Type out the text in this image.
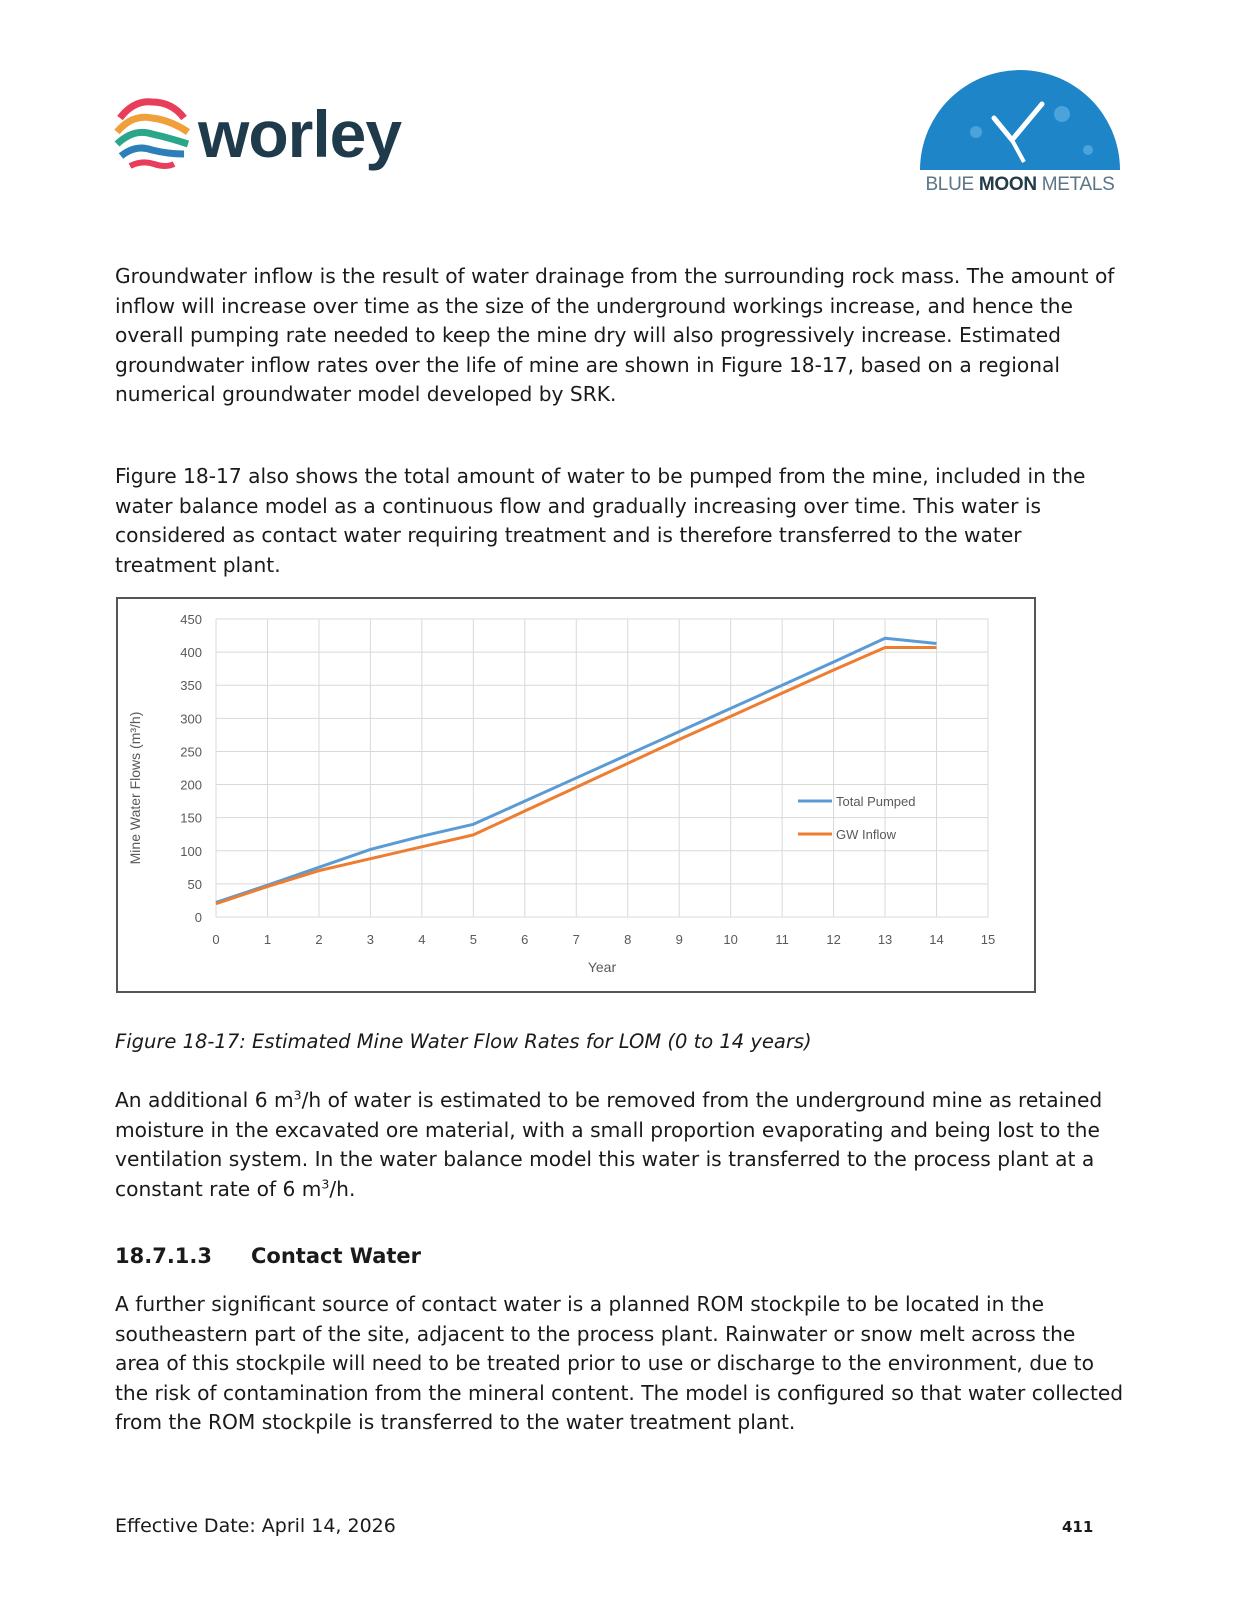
worley
BLUE MOON METALS

Groundwater inflow is the result of water drainage from the surrounding rock mass. The amount of inflow will increase over time as the size of the underground workings increase, and hence the overall pumping rate needed to keep the mine dry will also progressively increase. Estimated groundwater inflow rates over the life of mine are shown in Figure 18-17, based on a regional numerical groundwater model developed by SRK.

Figure 18-17 also shows the total amount of water to be pumped from the mine, included in the water balance model as a continuous flow and gradually increasing over time. This water is considered as contact water requiring treatment and is therefore transferred to the water treatment plant.

0	1	2	3	4	5	6	7	8	9	10	11	12	13	14	15
0
50
100
150
200
250
300
350
400
450
Year
Mine Water Flows (m³/h)	Total Pumped
GW Inflow
Figure 18-17: Estimated Mine Water Flow Rates for LOM (0 to 14 years)

An additional 6 $m^3/h$ of water is estimated to be removed from the underground mine as retained moisture in the excavated ore material, with a small proportion evaporating and being lost to the ventilation system. In the water balance model this water is transferred to the process plant at a constant rate of 6 $m^3/h$.

18.7.1.3 Contact Water

A further significant source of contact water is a planned ROM stockpile to be located in the southeastern part of the site, adjacent to the process plant. Rainwater or snow melt across the area of this stockpile will need to be treated prior to use or discharge to the environment, due to the risk of contamination from the mineral content. The model is configured so that water collected from the ROM stockpile is transferred to the water treatment plant.

Effective Date: April 14, 2026	411
